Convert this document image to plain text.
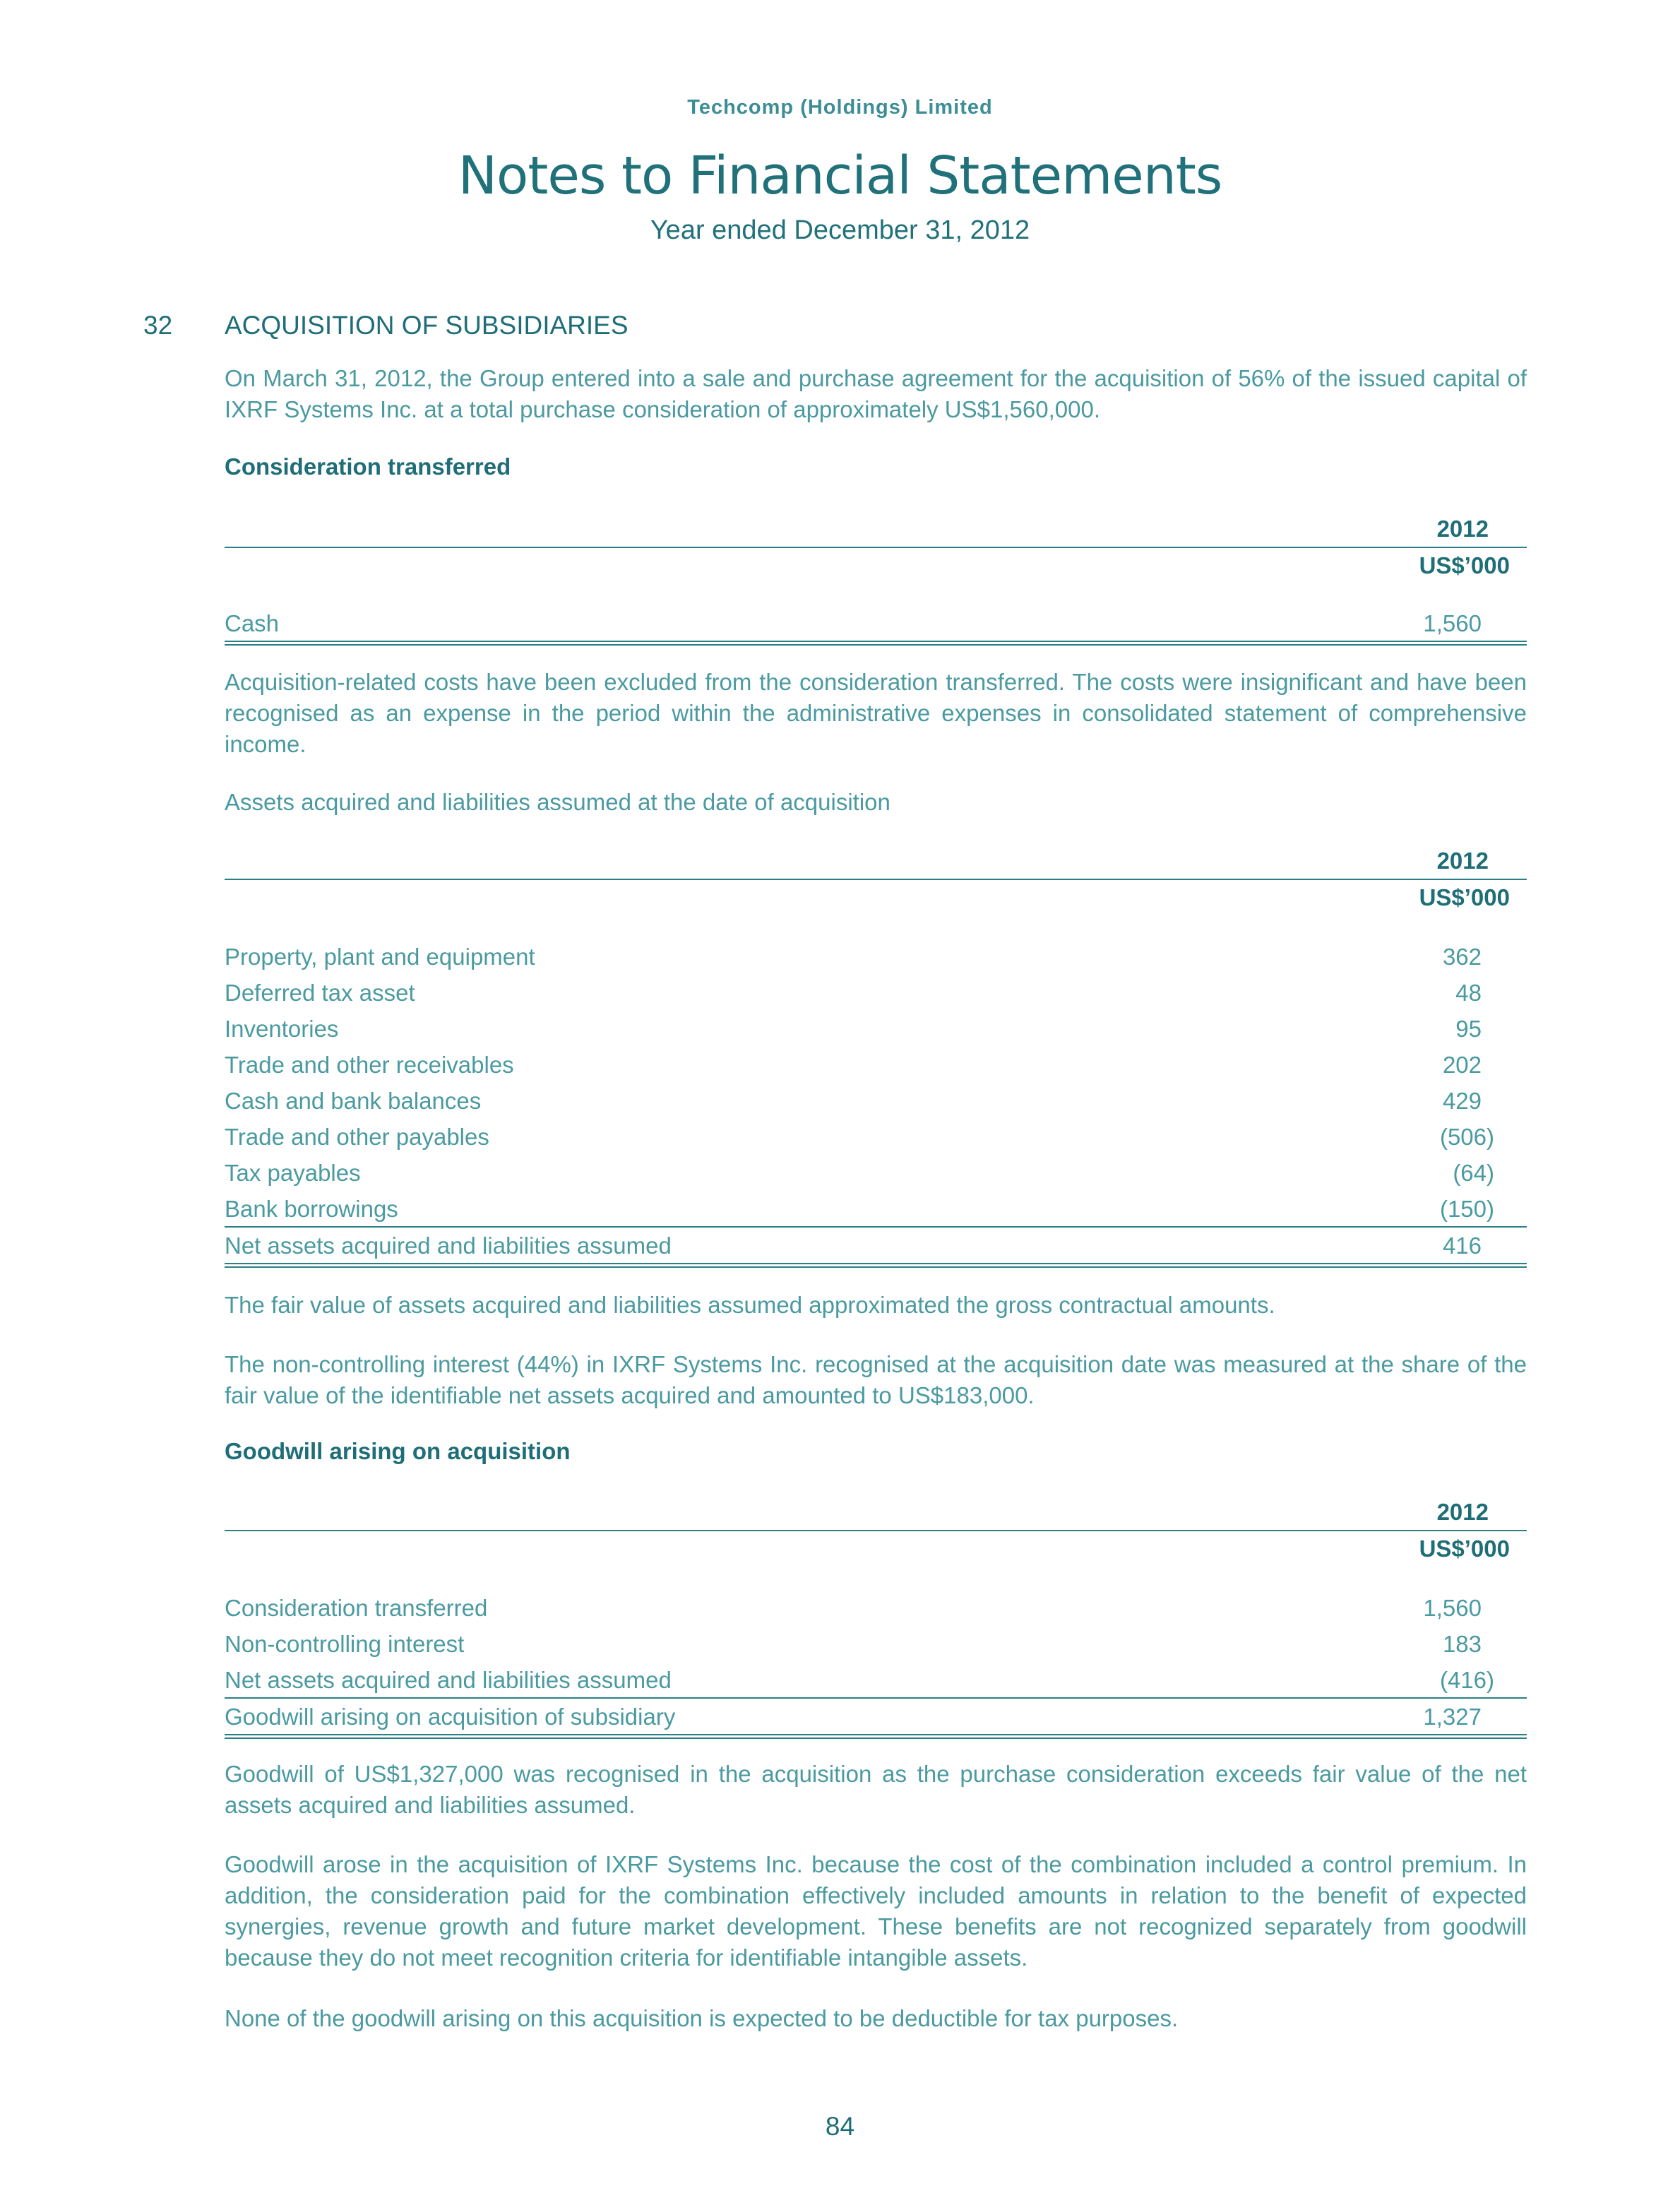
Techcomp (Holdings) Limited
Notes to Financial Statements
Year ended December 31, 2012
32 ACQUISITION OF SUBSIDIARIES
On March 31, 2012, the Group entered into a sale and purchase agreement for the acquisition of 56% of the issued capital of IXRF Systems Inc. at a total purchase consideration of approximately US$1,560,000.
Consideration transferred
2012
US$’000
Cash	1,560
Acquisition-related costs have been excluded from the consideration transferred. The costs were insignificant and have been recognised as an expense in the period within the administrative expenses in consolidated statement of comprehensive income.
Assets acquired and liabilities assumed at the date of acquisition
2012
US$’000
Property, plant and equipment	362
Deferred tax asset	48
Inventories	95
Trade and other receivables	202
Cash and bank balances	429
Trade and other payables	(506)
Tax payables	(64)
Bank borrowings	(150)
Net assets acquired and liabilities assumed	416
The fair value of assets acquired and liabilities assumed approximated the gross contractual amounts.
The non-controlling interest (44%) in IXRF Systems Inc. recognised at the acquisition date was measured at the share of the fair value of the identifiable net assets acquired and amounted to US$183,000.
Goodwill arising on acquisition
2012
US$’000
Consideration transferred	1,560
Non-controlling interest	183
Net assets acquired and liabilities assumed	(416)
Goodwill arising on acquisition of subsidiary	1,327
Goodwill of US$1,327,000 was recognised in the acquisition as the purchase consideration exceeds fair value of the net assets acquired and liabilities assumed.
Goodwill arose in the acquisition of IXRF Systems Inc. because the cost of the combination included a control premium. In addition, the consideration paid for the combination effectively included amounts in relation to the benefit of expected synergies, revenue growth and future market development. These benefits are not recognized separately from goodwill because they do not meet recognition criteria for identifiable intangible assets.
None of the goodwill arising on this acquisition is expected to be deductible for tax purposes.
84
